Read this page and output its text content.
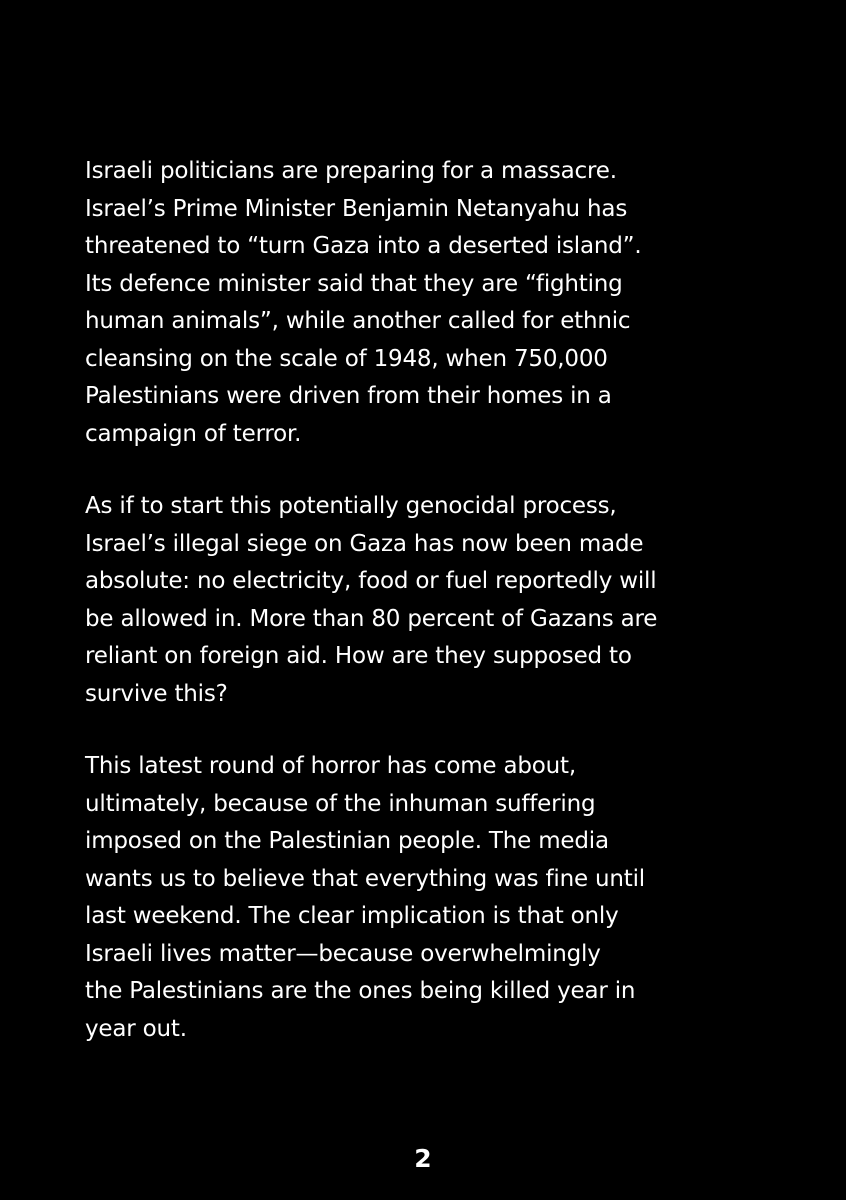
Israeli politicians are preparing for a massacre.
Israel’s Prime Minister Benjamin Netanyahu has
threatened to “turn Gaza into a deserted island”.
Its defence minister said that they are “fighting
human animals”, while another called for ethnic
cleansing on the scale of 1948, when 750,000
Palestinians were driven from their homes in a
campaign of terror.

As if to start this potentially genocidal process,
Israel’s illegal siege on Gaza has now been made
absolute: no electricity, food or fuel reportedly will
be allowed in. More than 80 percent of Gazans are
reliant on foreign aid. How are they supposed to
survive this?

This latest round of horror has come about,
ultimately, because of the inhuman suffering
imposed on the Palestinian people. The media
wants us to believe that everything was fine until
last weekend. The clear implication is that only
Israeli lives matter—because overwhelmingly
the Palestinians are the ones being killed year in
year out.

2
